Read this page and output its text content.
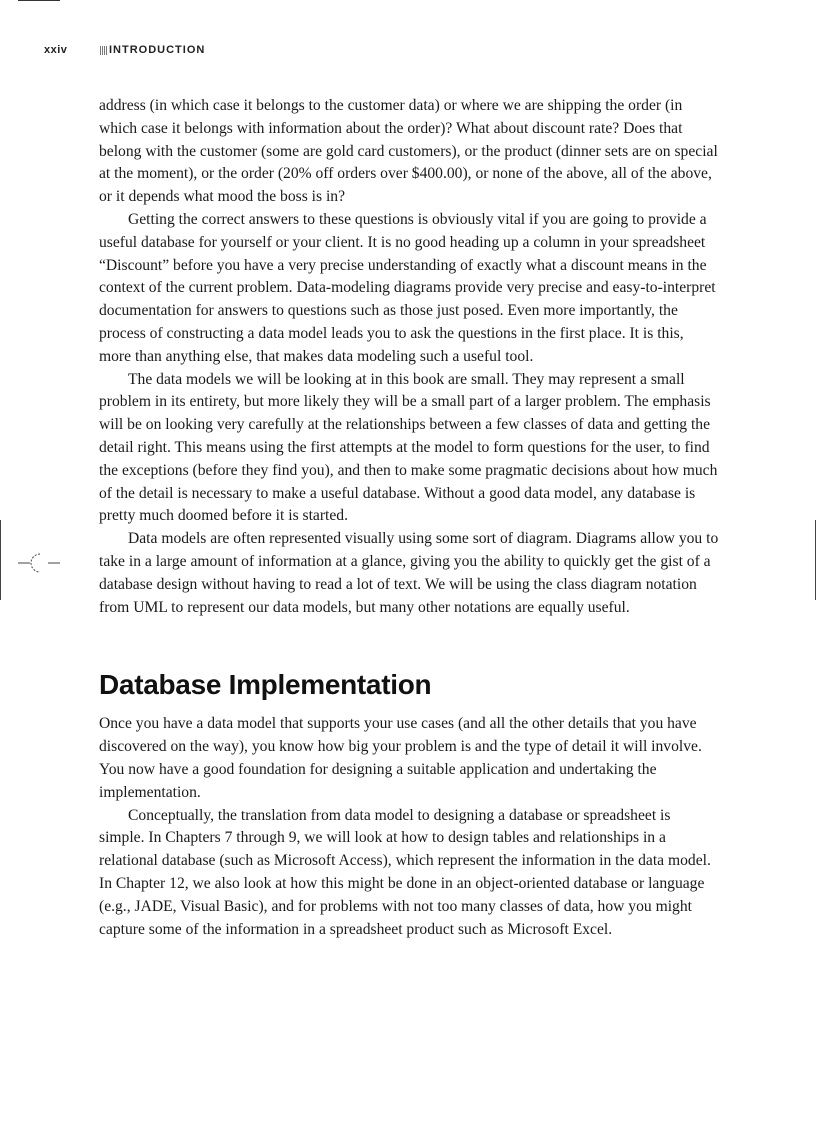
xxiv	INTRODUCTION

address (in which case it belongs to the customer data) or where we are shipping the order (in which case it belongs with information about the order)? What about discount rate? Does that belong with the customer (some are gold card customers), or the product (dinner sets are on special at the moment), or the order (20% off orders over $400.00), or none of the above, all of the above, or it depends what mood the boss is in?

Getting the correct answers to these questions is obviously vital if you are going to provide a useful database for yourself or your client. It is no good heading up a column in your spreadsheet “Discount” before you have a very precise understanding of exactly what a discount means in the context of the current problem. Data-modeling diagrams provide very precise and easy-to-interpret documentation for answers to questions such as those just posed. Even more importantly, the process of constructing a data model leads you to ask the questions in the first place. It is this, more than anything else, that makes data modeling such a useful tool.

The data models we will be looking at in this book are small. They may represent a small problem in its entirety, but more likely they will be a small part of a larger problem. The emphasis will be on looking very carefully at the relationships between a few classes of data and getting the detail right. This means using the first attempts at the model to form questions for the user, to find the exceptions (before they find you), and then to make some pragmatic decisions about how much of the detail is necessary to make a useful database. Without a good data model, any database is pretty much doomed before it is started.

Data models are often represented visually using some sort of diagram. Diagrams allow you to take in a large amount of information at a glance, giving you the ability to quickly get the gist of a database design without having to read a lot of text. We will be using the class diagram notation from UML to represent our data models, but many other notations are equally useful.

Database Implementation

Once you have a data model that supports your use cases (and all the other details that you have discovered on the way), you know how big your problem is and the type of detail it will involve. You now have a good foundation for designing a suitable application and undertaking the implementation.

Conceptually, the translation from data model to designing a database or spreadsheet is simple. In Chapters 7 through 9, we will look at how to design tables and relationships in a relational database (such as Microsoft Access), which represent the information in the data model. In Chapter 12, we also look at how this might be done in an object-oriented database or language (e.g., JADE, Visual Basic), and for problems with not too many classes of data, how you might capture some of the information in a spreadsheet product such as Microsoft Excel.
